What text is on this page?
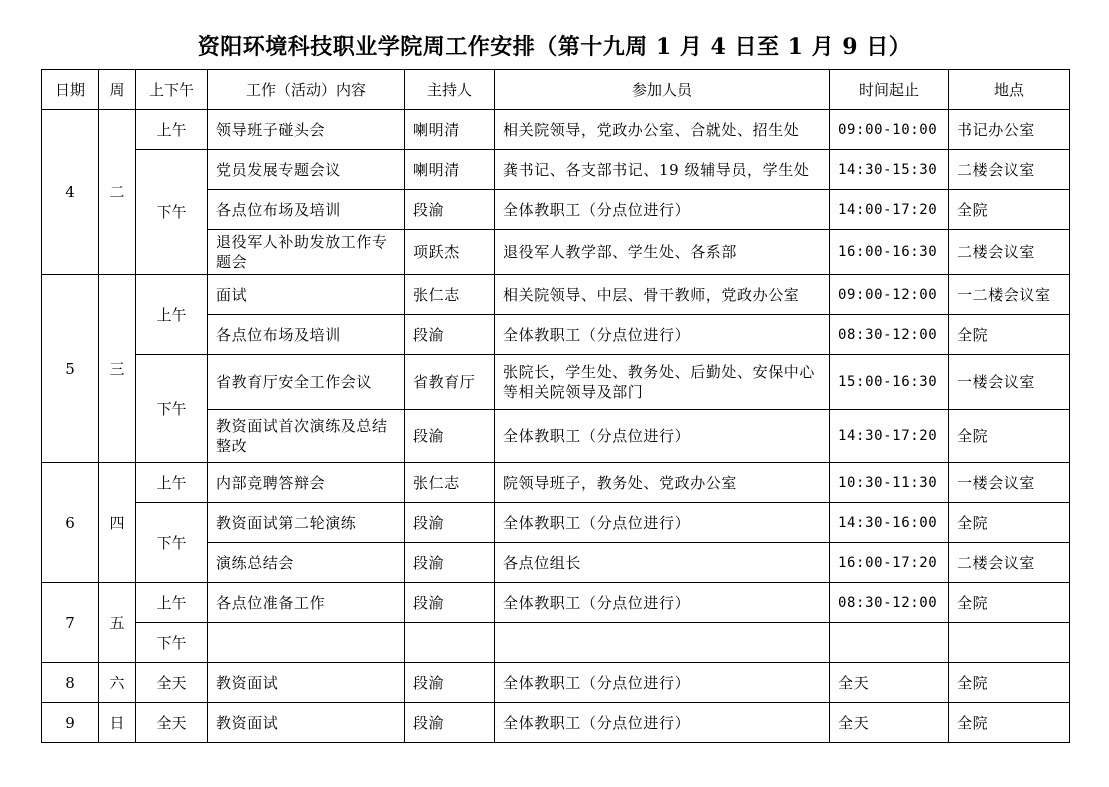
资阳环境科技职业学院周工作安排（第十九周 1 月 4 日至 1 月 9 日）
日期	周	上下午	工作（活动）内容	主持人	参加人员	时间起止	地点
4	二	上午	领导班子碰头会	喇明清	相关院领导，党政办公室、合就处、招生处	09:00-10:00	书记办公室
		下午	党员发展专题会议	喇明清	龚书记、各支部书记、19 级辅导员，学生处	14:30-15:30	二楼会议室
			各点位布场及培训	段渝	全体教职工（分点位进行）	14:00-17:20	全院
			退役军人补助发放工作专题会	项跃杰	退役军人教学部、学生处、各系部	16:00-16:30	二楼会议室
5	三	上午	面试	张仁志	相关院领导、中层、骨干教师，党政办公室	09:00-12:00	一二楼会议室
			各点位布场及培训	段渝	全体教职工（分点位进行）	08:30-12:00	全院
		下午	省教育厅安全工作会议	省教育厅	张院长，学生处、教务处、后勤处、安保中心等相关院领导及部门	15:00-16:30	一楼会议室
			教资面试首次演练及总结整改	段渝	全体教职工（分点位进行）	14:30-17:20	全院
6	四	上午	内部竞聘答辩会	张仁志	院领导班子，教务处、党政办公室	10:30-11:30	一楼会议室
		下午	教资面试第二轮演练	段渝	全体教职工（分点位进行）	14:30-16:00	全院
			演练总结会	段渝	各点位组长	16:00-17:20	二楼会议室
7	五	上午	各点位准备工作	段渝	全体教职工（分点位进行）	08:30-12:00	全院
		下午					
8	六	全天	教资面试	段渝	全体教职工（分点位进行）	全天	全院
9	日	全天	教资面试	段渝	全体教职工（分点位进行）	全天	全院
